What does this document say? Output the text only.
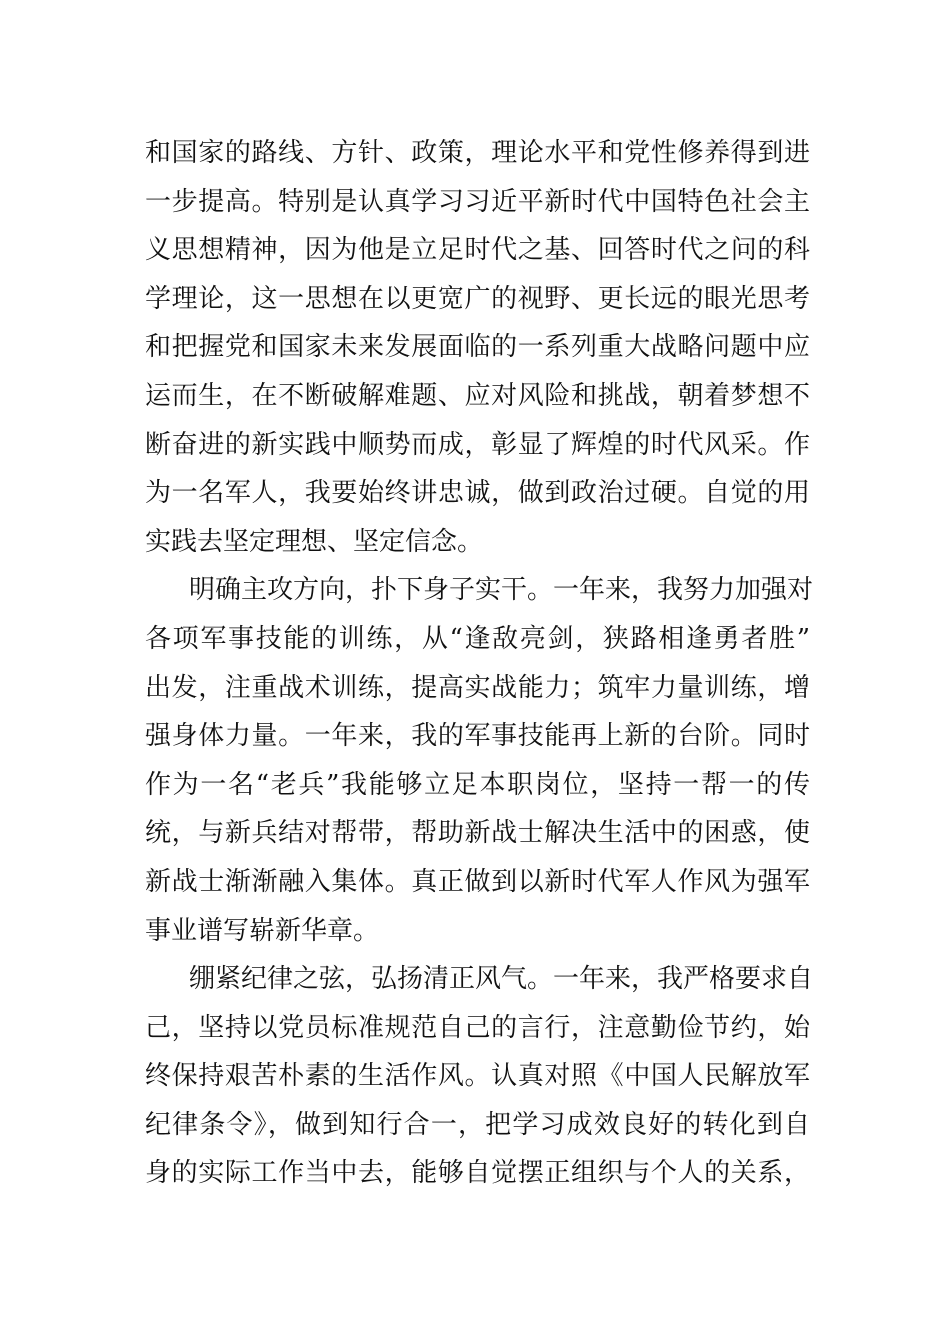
和国家的路线、方针、政策，理论水平和党性修养得到进
一步提高。特别是认真学习习近平新时代中国特色社会主
义思想精神，因为他是立足时代之基、回答时代之问的科
学理论，这一思想在以更宽广的视野、更长远的眼光思考
和把握党和国家未来发展面临的一系列重大战略问题中应
运而生，在不断破解难题、应对风险和挑战，朝着梦想不
断奋进的新实践中顺势而成，彰显了辉煌的时代风采。作
为一名军人，我要始终讲忠诚，做到政治过硬。自觉的用
实践去坚定理想、坚定信念。
明确主攻方向，扑下身子实干。一年来，我努力加强对
各项军事技能的训练，从“逢敌亮剑，狭路相逢勇者胜”
出发，注重战术训练，提高实战能力；筑牢力量训练，增
强身体力量。一年来，我的军事技能再上新的台阶。同时
作为一名“老兵”我能够立足本职岗位，坚持一帮一的传
统，与新兵结对帮带，帮助新战士解决生活中的困惑，使
新战士渐渐融入集体。真正做到以新时代军人作风为强军
事业谱写崭新华章。
绷紧纪律之弦，弘扬清正风气。一年来，我严格要求自
己，坚持以党员标准规范自己的言行，注意勤俭节约，始
终保持艰苦朴素的生活作风。认真对照《中国人民解放军
纪律条令》，做到知行合一，把学习成效良好的转化到自
身的实际工作当中去，能够自觉摆正组织与个人的关系，
